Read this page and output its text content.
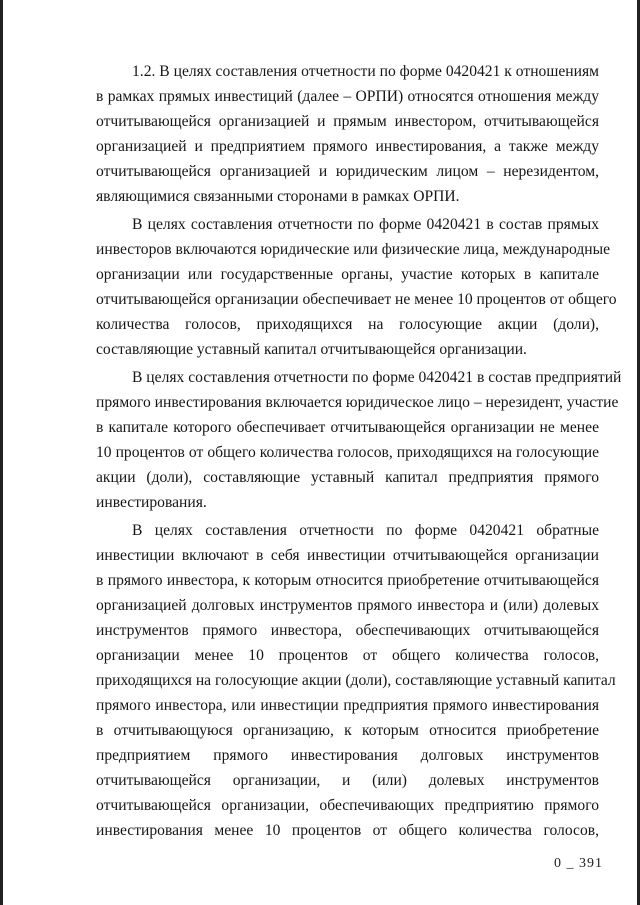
1.2. В целях составления отчетности по форме 0420421 к отношениям
в рамках прямых инвестиций (далее – ОРПИ) относятся отношения между
отчитывающейся организацией и прямым инвестором, отчитывающейся
организацией и предприятием прямого инвестирования, а также между
отчитывающейся организацией и юридическим лицом – нерезидентом,
являющимися связанными сторонами в рамках ОРПИ.
В целях составления отчетности по форме 0420421 в состав прямых
инвесторов включаются юридические или физические лица, международные
организации или государственные органы, участие которых в капитале
отчитывающейся организации обеспечивает не менее 10 процентов от общего
количества голосов, приходящихся на голосующие акции (доли),
составляющие уставный капитал отчитывающейся организации.
В целях составления отчетности по форме 0420421 в состав предприятий
прямого инвестирования включается юридическое лицо – нерезидент, участие
в капитале которого обеспечивает отчитывающейся организации не менее
10 процентов от общего количества голосов, приходящихся на голосующие
акции (доли), составляющие уставный капитал предприятия прямого
инвестирования.
В целях составления отчетности по форме 0420421 обратные
инвестиции включают в себя инвестиции отчитывающейся организации
в прямого инвестора, к которым относится приобретение отчитывающейся
организацией долговых инструментов прямого инвестора и (или) долевых
инструментов прямого инвестора, обеспечивающих отчитывающейся
организации менее 10 процентов от общего количества голосов,
приходящихся на голосующие акции (доли), составляющие уставный капитал
прямого инвестора, или инвестиции предприятия прямого инвестирования
в отчитывающуюся организацию, к которым относится приобретение
предприятием прямого инвестирования долговых инструментов
отчитывающейся организации, и (или) долевых инструментов
отчитывающейся организации, обеспечивающих предприятию прямого
инвестирования менее 10 процентов от общего количества голосов,
0 _ 391
